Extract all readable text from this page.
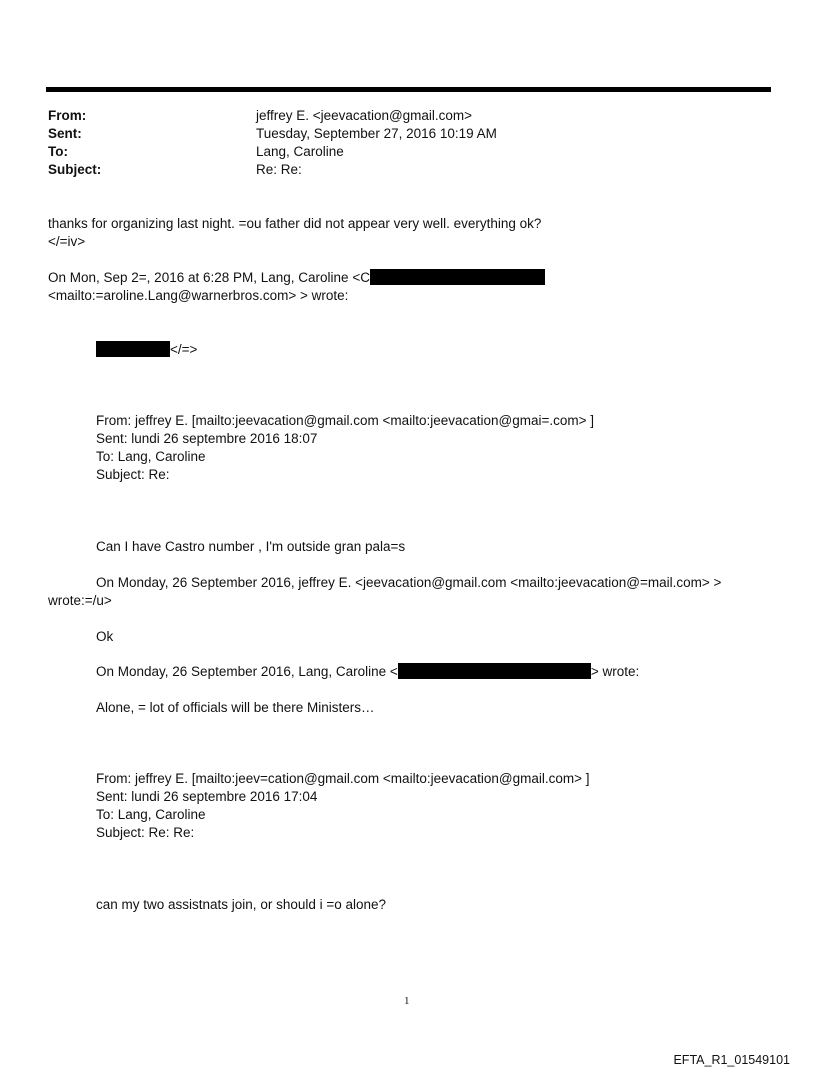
From:	jeffrey E. <jeevacation@gmail.com>
Sent:	Tuesday, September 27, 2016 10:19 AM
To:	Lang, Caroline
Subject:	Re: Re:
thanks for organizing last night. =ou father did not appear very well. everything ok?
</=iv>
On Mon, Sep 2=, 2016 at 6:28 PM, Lang, Caroline <C
<mailto:=aroline.Lang@warnerbros.com> > wrote:
</=>
From: jeffrey E. [mailto:jeevacation@gmail.com <mailto:jeevacation@gmai=.com> ]
Sent: lundi 26 septembre 2016 18:07
To: Lang, Caroline
Subject: Re:
Can I have Castro number , I'm outside gran pala=s
On Monday, 26 September 2016, jeffrey E. <jeevacation@gmail.com <mailto:jeevacation@=mail.com> >
wrote:=/u>
Ok
On Monday, 26 September 2016, Lang, Caroline <	> wrote:
Alone, = lot of officials will be there Ministers…
From: jeffrey E. [mailto:jeev=cation@gmail.com <mailto:jeevacation@gmail.com> ]
Sent: lundi 26 septembre 2016 17:04
To: Lang, Caroline
Subject: Re: Re:
can my two assistnats join, or should i =o alone?
1
EFTA_R1_01549101
